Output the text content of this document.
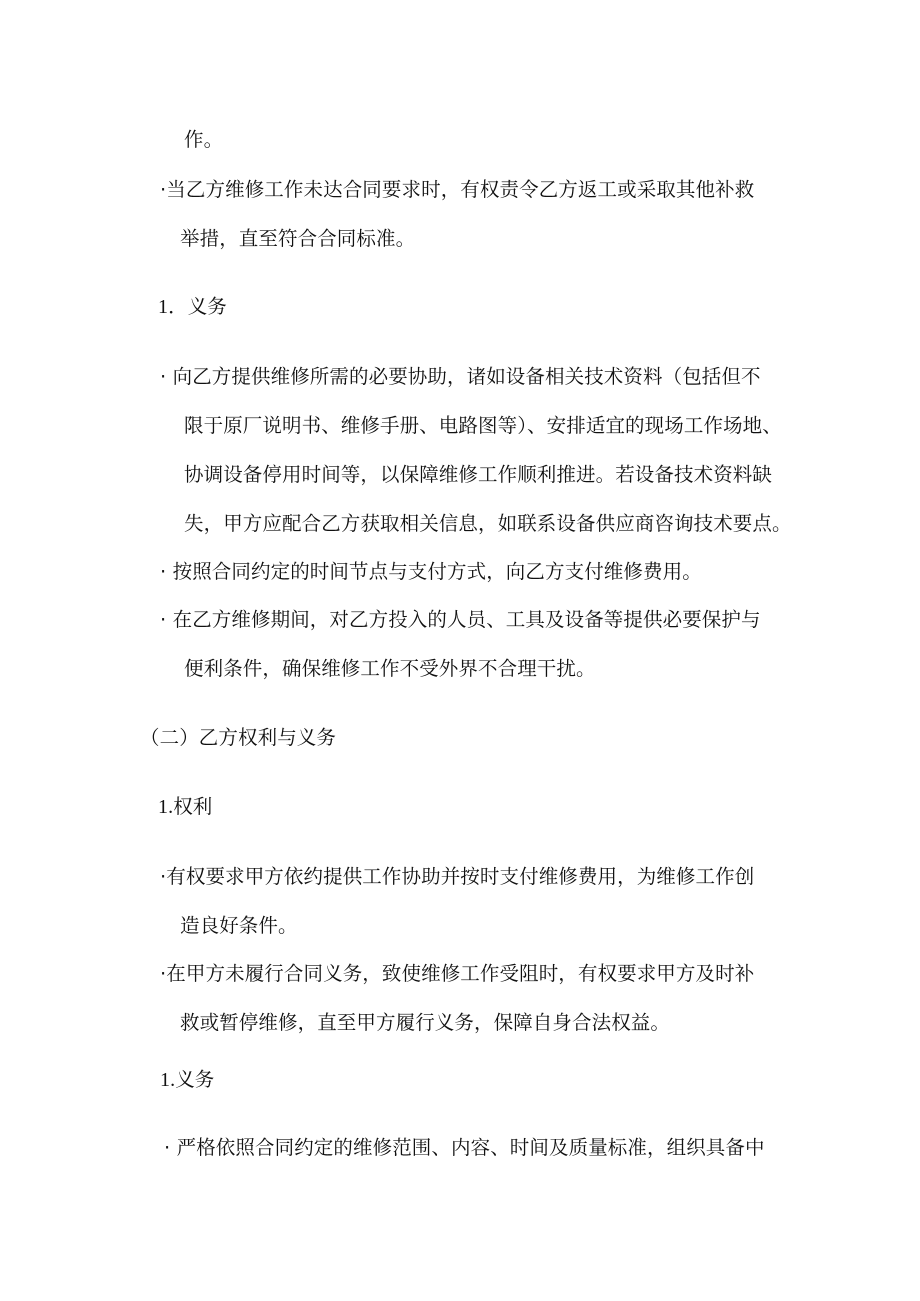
作。
·当乙方维修工作未达合同要求时，有权责令乙方返工或采取其他补救
举措，直至符合合同标准。
1．义务
· 向乙方提供维修所需的必要协助，诸如设备相关技术资料（包括但不
限于原厂说明书、维修手册、电路图等）、安排适宜的现场工作场地、
协调设备停用时间等，以保障维修工作顺利推进。若设备技术资料缺
失，甲方应配合乙方获取相关信息，如联系设备供应商咨询技术要点。
· 按照合同约定的时间节点与支付方式，向乙方支付维修费用。
· 在乙方维修期间，对乙方投入的人员、工具及设备等提供必要保护与
便利条件，确保维修工作不受外界不合理干扰。
（二）乙方权利与义务
1.权利
·有权要求甲方依约提供工作协助并按时支付维修费用，为维修工作创
造良好条件。
·在甲方未履行合同义务，致使维修工作受阻时，有权要求甲方及时补
救或暂停维修，直至甲方履行义务，保障自身合法权益。
1.义务
· 严格依照合同约定的维修范围、内容、时间及质量标准，组织具备中
